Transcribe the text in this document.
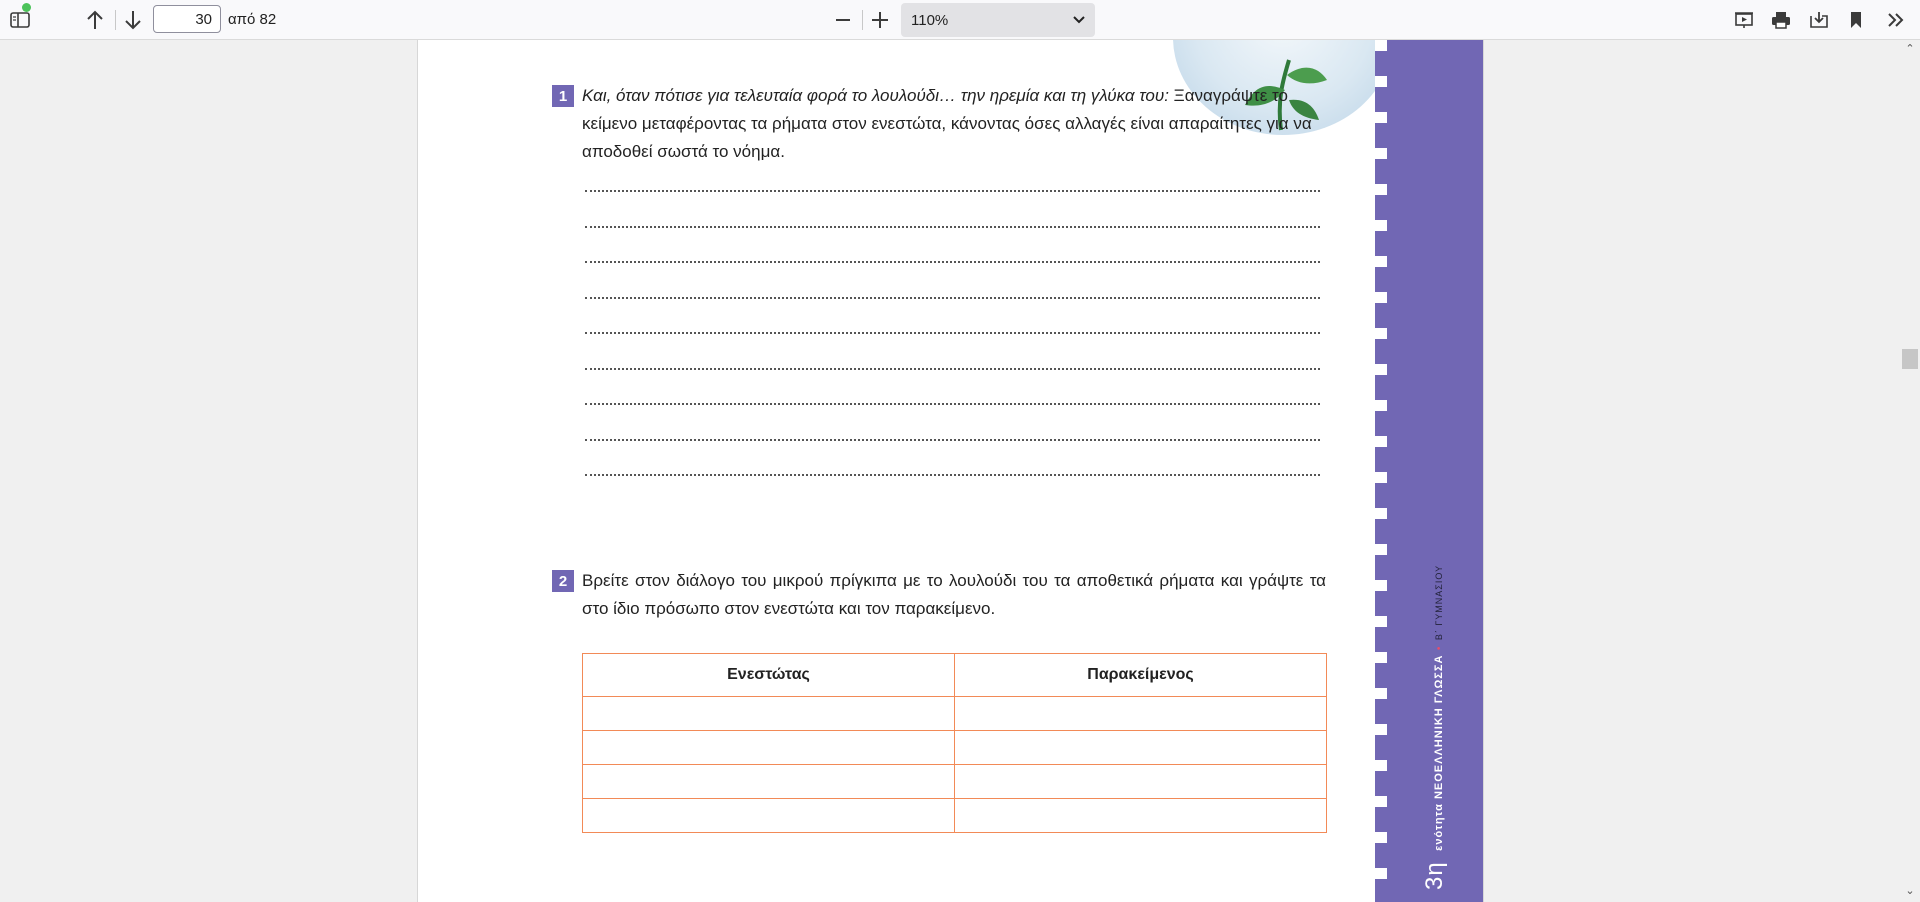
30
από 82	110%
3η ενότητα ΝΕΟΕΛΛΗΝΙΚΗ ΓΛΩΣΣΑ • Β΄ ΓΥΜΝΑΣΙΟΥ
1 Και, όταν πότισε για τελευταία φορά το λουλούδι… την ηρεμία και τη γλύκα του: Ξαναγράψτε το κείμενο μεταφέροντας τα ρήματα στον ενεστώτα, κάνοντας όσες αλλαγές είναι απαραίτητες για να αποδοθεί σωστά το νόημα.
2 Βρείτε στον διάλογο του μικρού πρίγκιπα με το λουλούδι του τα αποθετικά ρήματα και γράψτε τα στο ίδιο πρόσωπο στον ενεστώτα και τον παρακείμενο.
Ενεστώτας	Παρακείμενος

⌃
⌄
